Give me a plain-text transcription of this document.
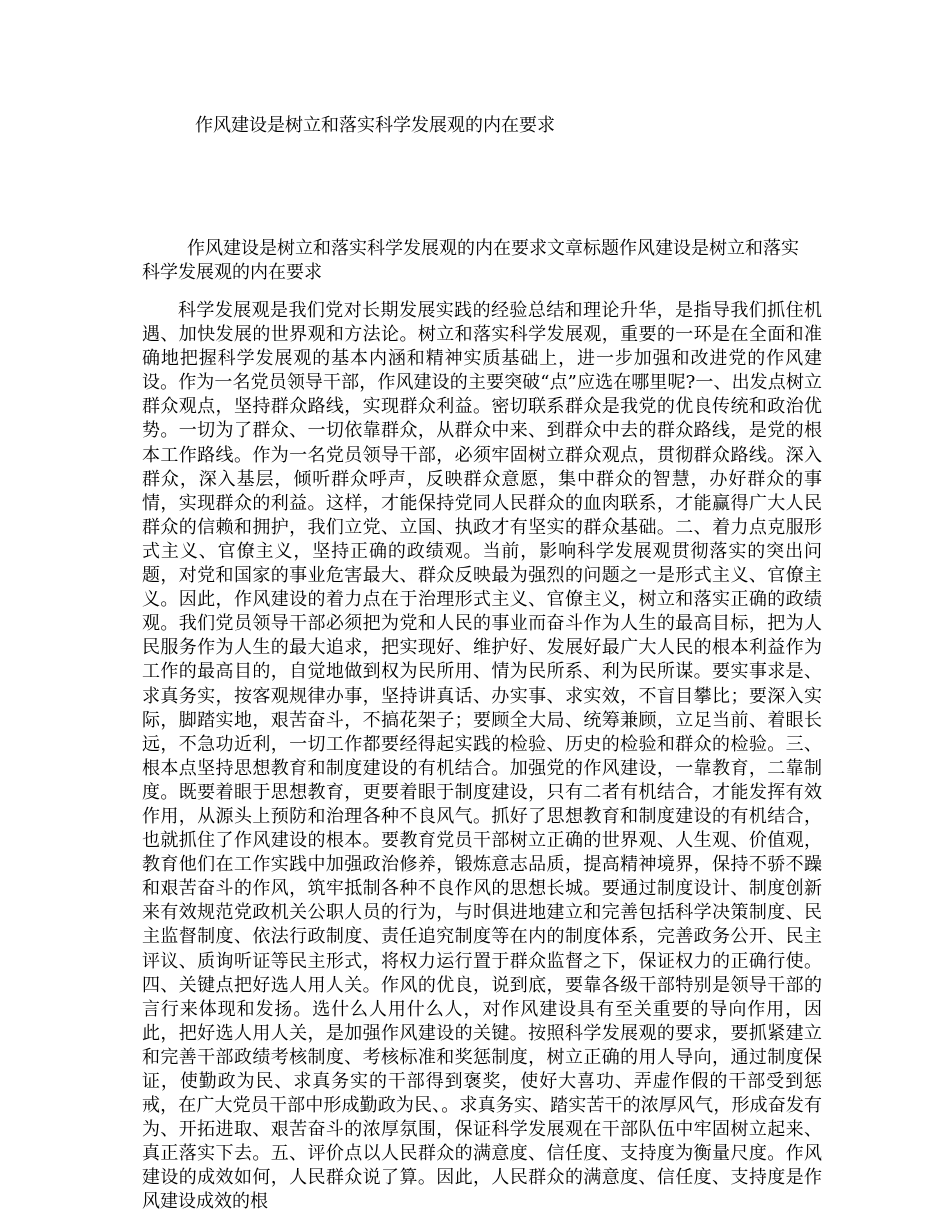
作风建设是树立和落实科学发展观的内在要求
作风建设是树立和落实科学发展观的内在要求文章标题作风建设是树立和落实科学发展观的内在要求
科学发展观是我们党对长期发展实践的经验总结和理论升华，是指导我们抓住机遇、加快发展的世界观和方法论。树立和落实科学发展观，重要的一环是在全面和准确地把握科学发展观的基本内涵和精神实质基础上，进一步加强和改进党的作风建设。作为一名党员领导干部，作风建设的主要突破“点”应选在哪里呢?一、出发点树立群众观点，坚持群众路线，实现群众利益。密切联系群众是我党的优良传统和政治优势。一切为了群众、一切依靠群众，从群众中来、到群众中去的群众路线，是党的根本工作路线。作为一名党员领导干部，必须牢固树立群众观点，贯彻群众路线。深入群众，深入基层，倾听群众呼声，反映群众意愿，集中群众的智慧，办好群众的事情，实现群众的利益。这样，才能保持党同人民群众的血肉联系，才能赢得广大人民群众的信赖和拥护，我们立党、立国、执政才有坚实的群众基础。二、着力点克服形式主义、官僚主义，坚持正确的政绩观。当前，影响科学发展观贯彻落实的突出问题，对党和国家的事业危害最大、群众反映最为强烈的问题之一是形式主义、官僚主义。因此，作风建设的着力点在于治理形式主义、官僚主义，树立和落实正确的政绩观。我们党员领导干部必须把为党和人民的事业而奋斗作为人生的最高目标，把为人民服务作为人生的最大追求，把实现好、维护好、发展好最广大人民的根本利益作为工作的最高目的，自觉地做到权为民所用、情为民所系、利为民所谋。要实事求是、求真务实，按客观规律办事，坚持讲真话、办实事、求实效，不盲目攀比；要深入实际，脚踏实地，艰苦奋斗，不搞花架子；要顾全大局、统筹兼顾，立足当前、着眼长远，不急功近利，一切工作都要经得起实践的检验、历史的检验和群众的检验。三、根本点坚持思想教育和制度建设的有机结合。加强党的作风建设，一靠教育，二靠制度。既要着眼于思想教育，更要着眼于制度建设，只有二者有机结合，才能发挥有效作用，从源头上预防和治理各种不良风气。抓好了思想教育和制度建设的有机结合，也就抓住了作风建设的根本。要教育党员干部树立正确的世界观、人生观、价值观，教育他们在工作实践中加强政治修养，锻炼意志品质，提高精神境界，保持不骄不躁和艰苦奋斗的作风，筑牢抵制各种不良作风的思想长城。要通过制度设计、制度创新来有效规范党政机关公职人员的行为，与时俱进地建立和完善包括科学决策制度、民主监督制度、依法行政制度、责任追究制度等在内的制度体系，完善政务公开、民主评议、质询听证等民主形式，将权力运行置于群众监督之下，保证权力的正确行使。四、关键点把好选人用人关。作风的优良，说到底，要靠各级干部特别是领导干部的言行来体现和发扬。选什么人用什么人，对作风建设具有至关重要的导向作用，因此，把好选人用人关，是加强作风建设的关键。按照科学发展观的要求，要抓紧建立和完善干部政绩考核制度、考核标准和奖惩制度，树立正确的用人导向，通过制度保证，使勤政为民、求真务实的干部得到褒奖，使好大喜功、弄虚作假的干部受到惩戒，在广大党员干部中形成勤政为民、。求真务实、踏实苦干的浓厚风气，形成奋发有为、开拓进取、艰苦奋斗的浓厚氛围，保证科学发展观在干部队伍中牢固树立起来、真正落实下去。五、评价点以人民群众的满意度、信任度、支持度为衡量尺度。作风建设的成效如何，人民群众说了算。因此，人民群众的满意度、信任度、支持度是作风建设成效的根
